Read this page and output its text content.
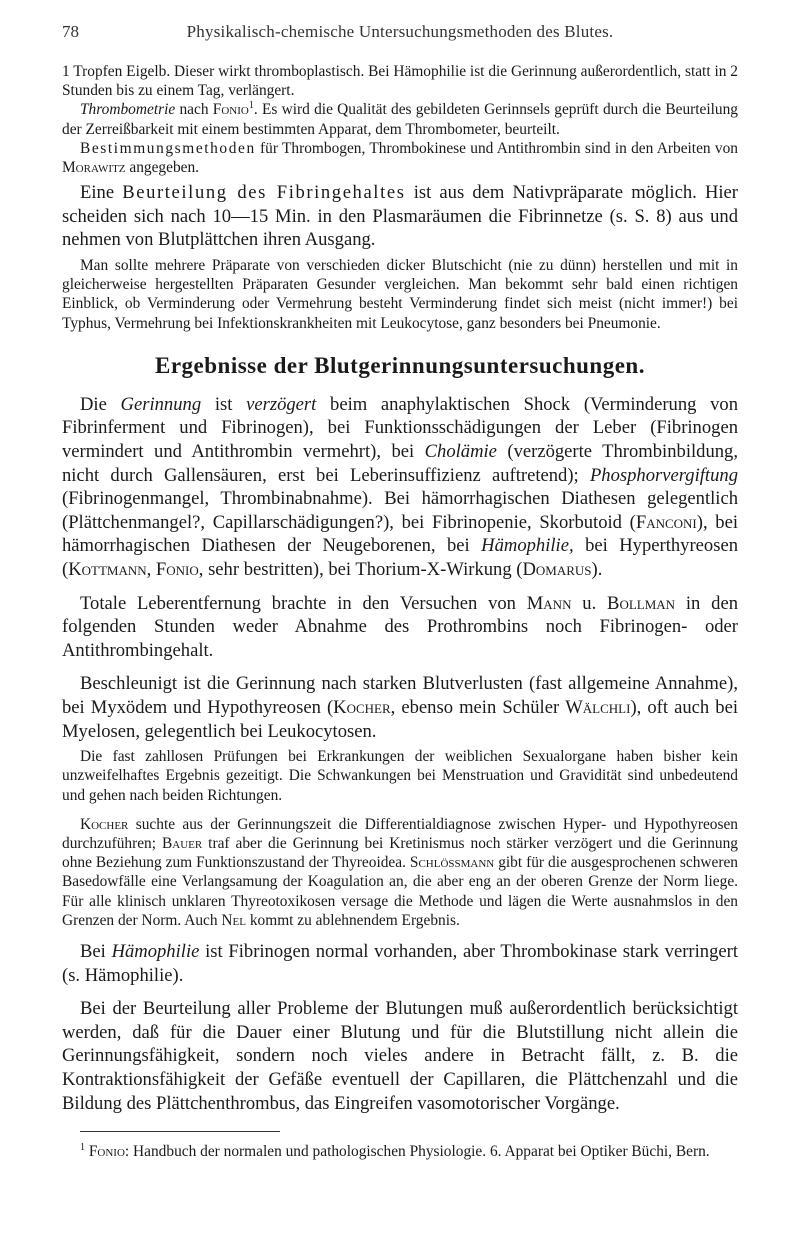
78	Physikalisch-chemische Untersuchungsmethoden des Blutes.

1 Tropfen Eigelb. Dieser wirkt thromboplastisch. Bei Hämophilie ist die Gerinnung außerordentlich, statt in 2 Stunden bis zu einem Tag, verlängert.

Thrombometrie nach Fonio$^1$. Es wird die Qualität des gebildeten Gerinnsels geprüft durch die Beurteilung der Zerreißbarkeit mit einem bestimmten Apparat, dem Thrombometer, beurteilt.

Bestimmungsmethoden für Thrombogen, Thrombokinese und Antithrombin sind in den Arbeiten von Morawitz angegeben.

Eine Beurteilung des Fibringehaltes ist aus dem Nativpräparate möglich. Hier scheiden sich nach 10—15 Min. in den Plasmaräumen die Fibrinnetze (s. S. 8) aus und nehmen von Blutplättchen ihren Ausgang.

Man sollte mehrere Präparate von verschieden dicker Blutschicht (nie zu dünn) herstellen und mit in gleicherweise hergestellten Präparaten Gesunder vergleichen. Man bekommt sehr bald einen richtigen Einblick, ob Verminderung oder Vermehrung besteht Verminderung findet sich meist (nicht immer!) bei Typhus, Vermehrung bei Infektionskrankheiten mit Leukocytose, ganz besonders bei Pneumonie.

Ergebnisse der Blutgerinnungsuntersuchungen.

Die Gerinnung ist verzögert beim anaphylaktischen Shock (Verminderung von Fibrinferment und Fibrinogen), bei Funktionsschädigungen der Leber (Fibrinogen vermindert und Antithrombin vermehrt), bei Cholämie (verzögerte Thrombinbildung, nicht durch Gallensäuren, erst bei Leberinsuffizienz auftretend); Phosphorvergiftung (Fibrinogenmangel, Thrombinabnahme). Bei hämorrhagischen Diathesen gelegentlich (Plättchenmangel?, Capillarschädigungen?), bei Fibrinopenie, Skorbutoid (Fanconi), bei hämorrhagischen Diathesen der Neugeborenen, bei Hämophilie, bei Hyperthyreosen (Kottmann, Fonio, sehr bestritten), bei Thorium-X-Wirkung (Domarus).

Totale Leberentfernung brachte in den Versuchen von Mann u. Bollman in den folgenden Stunden weder Abnahme des Prothrombins noch Fibrinogen- oder Antithrombingehalt.

Beschleunigt ist die Gerinnung nach starken Blutverlusten (fast allgemeine Annahme), bei Myxödem und Hypothyreosen (Kocher, ebenso mein Schüler Wälchli), oft auch bei Myelosen, gelegentlich bei Leukocytosen.

Die fast zahllosen Prüfungen bei Erkrankungen der weiblichen Sexualorgane haben bisher kein unzweifelhaftes Ergebnis gezeitigt. Die Schwankungen bei Menstruation und Gravidität sind unbedeutend und gehen nach beiden Richtungen.

Kocher suchte aus der Gerinnungszeit die Differentialdiagnose zwischen Hyper- und Hypothyreosen durchzuführen; Bauer traf aber die Gerinnung bei Kretinismus noch stärker verzögert und die Gerinnung ohne Beziehung zum Funktionszustand der Thyreoidea. Schlössmann gibt für die ausgesprochenen schweren Basedowfälle eine Verlangsamung der Koagulation an, die aber eng an der oberen Grenze der Norm liege. Für alle klinisch unklaren Thyreotoxikosen versage die Methode und lägen die Werte ausnahmslos in den Grenzen der Norm. Auch Nel kommt zu ablehnendem Ergebnis.

Bei Hämophilie ist Fibrinogen normal vorhanden, aber Thrombokinase stark verringert (s. Hämophilie).

Bei der Beurteilung aller Probleme der Blutungen muß außerordentlich berücksichtigt werden, daß für die Dauer einer Blutung und für die Blutstillung nicht allein die Gerinnungsfähigkeit, sondern noch vieles andere in Betracht fällt, z. B. die Kontraktionsfähigkeit der Gefäße eventuell der Capillaren, die Plättchenzahl und die Bildung des Plättchenthrombus, das Eingreifen vasomotorischer Vorgänge.

$^1$ Fonio: Handbuch der normalen und pathologischen Physiologie. 6. Apparat bei Optiker Büchi, Bern.
